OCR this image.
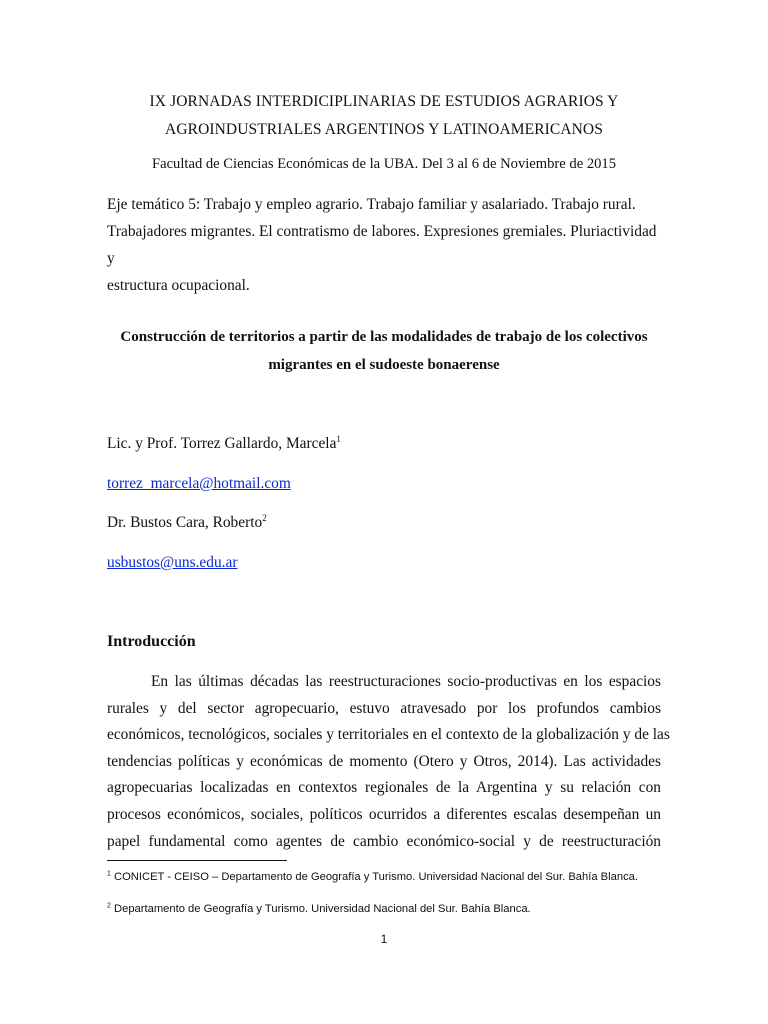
IX JORNADAS INTERDICIPLINARIAS DE ESTUDIOS AGRARIOS Y
AGROINDUSTRIALES ARGENTINOS Y LATINOAMERICANOS
Facultad de Ciencias Económicas de la UBA. Del 3 al 6 de Noviembre de 2015
Eje temático 5: Trabajo y empleo agrario. Trabajo familiar y asalariado. Trabajo rural.
Trabajadores migrantes. El contratismo de labores. Expresiones gremiales. Pluriactividad y
estructura ocupacional.
Construcción de territorios a partir de las modalidades de trabajo de los colectivos
migrantes en el sudoeste bonaerense
Lic. y Prof. Torrez Gallardo, Marcela$^1$
torrez_marcela@hotmail.com
Dr. Bustos Cara, Roberto$^2$
usbustos@uns.edu.ar
Introducción
En las últimas décadas las reestructuraciones socio-productivas en los espacios
rurales y del sector agropecuario, estuvo atravesado por los profundos cambios
económicos, tecnológicos, sociales y territoriales en el contexto de la globalización y de las
tendencias políticas y económicas de momento (Otero y Otros, 2014). Las actividades
agropecuarias localizadas en contextos regionales de la Argentina y su relación con
procesos económicos, sociales, políticos ocurridos a diferentes escalas desempeñan un
papel fundamental como agentes de cambio económico-social y de reestructuración
$^1$ CONICET - CEISO – Departamento de Geografía y Turismo. Universidad Nacional del Sur. Bahía Blanca.
$^2$ Departamento de Geografía y Turismo. Universidad Nacional del Sur. Bahía Blanca.
1
